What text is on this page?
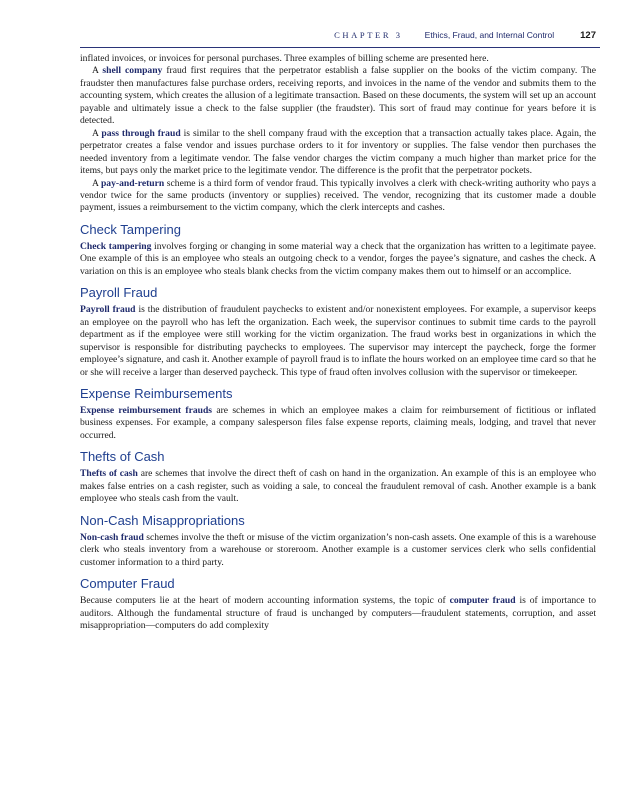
CHAPTER 3	Ethics, Fraud, and Internal Control	127

inflated invoices, or invoices for personal purchases. Three examples of billing scheme are presented here.

A shell company fraud first requires that the perpetrator establish a false supplier on the books of the victim company. The fraudster then manufactures false purchase orders, receiving reports, and invoices in the name of the vendor and submits them to the accounting system, which creates the allusion of a legitimate transaction. Based on these documents, the system will set up an account payable and ultimately issue a check to the false supplier (the fraudster). This sort of fraud may continue for years before it is detected.

A pass through fraud is similar to the shell company fraud with the exception that a transaction actually takes place. Again, the perpetrator creates a false vendor and issues purchase orders to it for inventory or supplies. The false vendor then purchases the needed inventory from a legitimate vendor. The false vendor charges the victim company a much higher than market price for the items, but pays only the market price to the legitimate vendor. The difference is the profit that the perpetrator pockets.

A pay-and-return scheme is a third form of vendor fraud. This typically involves a clerk with check-writing authority who pays a vendor twice for the same products (inventory or supplies) received. The vendor, recognizing that its customer made a double payment, issues a reimbursement to the victim company, which the clerk intercepts and cashes.

Check Tampering

Check tampering involves forging or changing in some material way a check that the organization has written to a legitimate payee. One example of this is an employee who steals an outgoing check to a vendor, forges the payee’s signature, and cashes the check. A variation on this is an employee who steals blank checks from the victim company makes them out to himself or an accomplice.

Payroll Fraud

Payroll fraud is the distribution of fraudulent paychecks to existent and/or nonexistent employees. For example, a supervisor keeps an employee on the payroll who has left the organization. Each week, the supervisor continues to submit time cards to the payroll department as if the employee were still working for the victim organization. The fraud works best in organizations in which the supervisor is responsible for distributing paychecks to employees. The supervisor may intercept the paycheck, forge the former employee’s signature, and cash it. Another example of payroll fraud is to inflate the hours worked on an employee time card so that he or she will receive a larger than deserved paycheck. This type of fraud often involves collusion with the supervisor or timekeeper.

Expense Reimbursements

Expense reimbursement frauds are schemes in which an employee makes a claim for reimbursement of fictitious or inflated business expenses. For example, a company salesperson files false expense reports, claiming meals, lodging, and travel that never occurred.

Thefts of Cash

Thefts of cash are schemes that involve the direct theft of cash on hand in the organization. An example of this is an employee who makes false entries on a cash register, such as voiding a sale, to conceal the fraudulent removal of cash. Another example is a bank employee who steals cash from the vault.

Non-Cash Misappropriations

Non-cash fraud schemes involve the theft or misuse of the victim organization’s non-cash assets. One example of this is a warehouse clerk who steals inventory from a warehouse or storeroom. Another example is a customer services clerk who sells confidential customer information to a third party.

Computer Fraud

Because computers lie at the heart of modern accounting information systems, the topic of computer fraud is of importance to auditors. Although the fundamental structure of fraud is unchanged by computers—fraudulent statements, corruption, and asset misappropriation—computers do add complexity
